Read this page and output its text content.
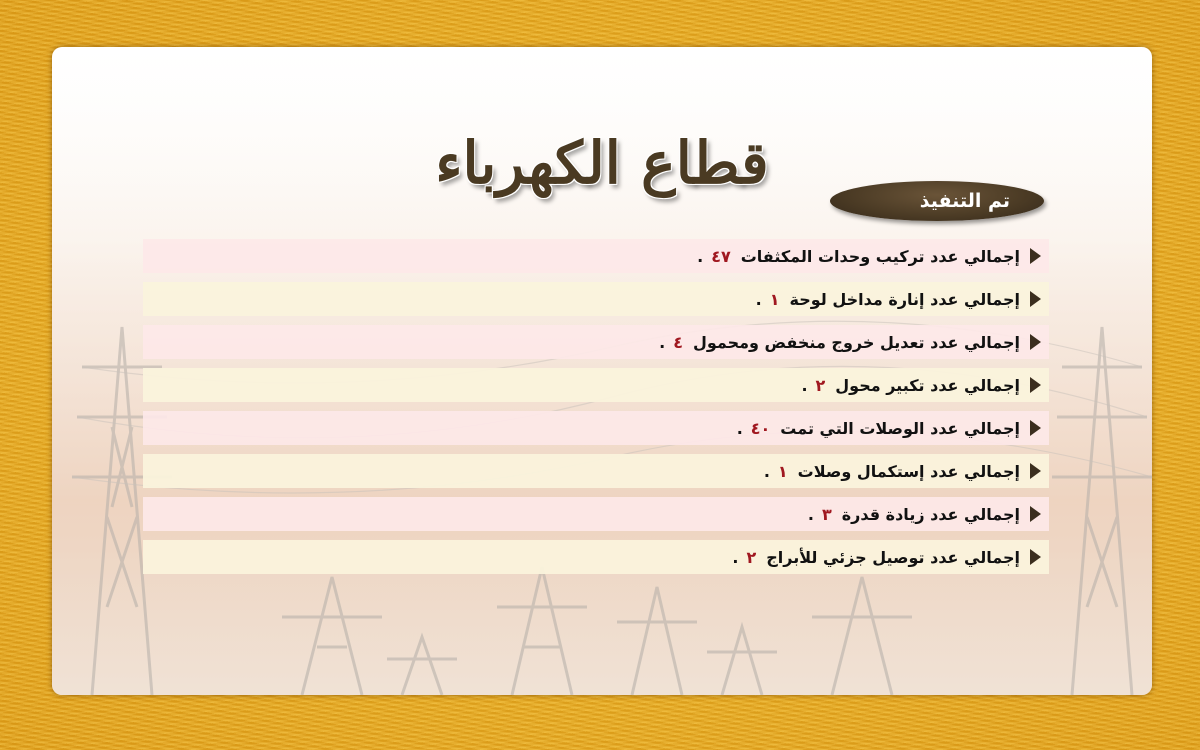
قطاع الكهرباء
تم التنفيذ
إجمالي عدد تركيب وحدات المكثفات
٤٧
.
إجمالي عدد إنارة مداخل لوحة
١
.
إجمالي عدد تعديل خروج منخفض ومحمول
٤
.
إجمالي عدد تكبير محول
٢
.
إجمالي عدد الوصلات التي تمت
٤٠
.
إجمالي عدد إستكمال وصلات
١
.
إجمالي عدد زيادة قدرة
٣
.
إجمالي عدد توصيل جزئي للأبراج
٢
.
